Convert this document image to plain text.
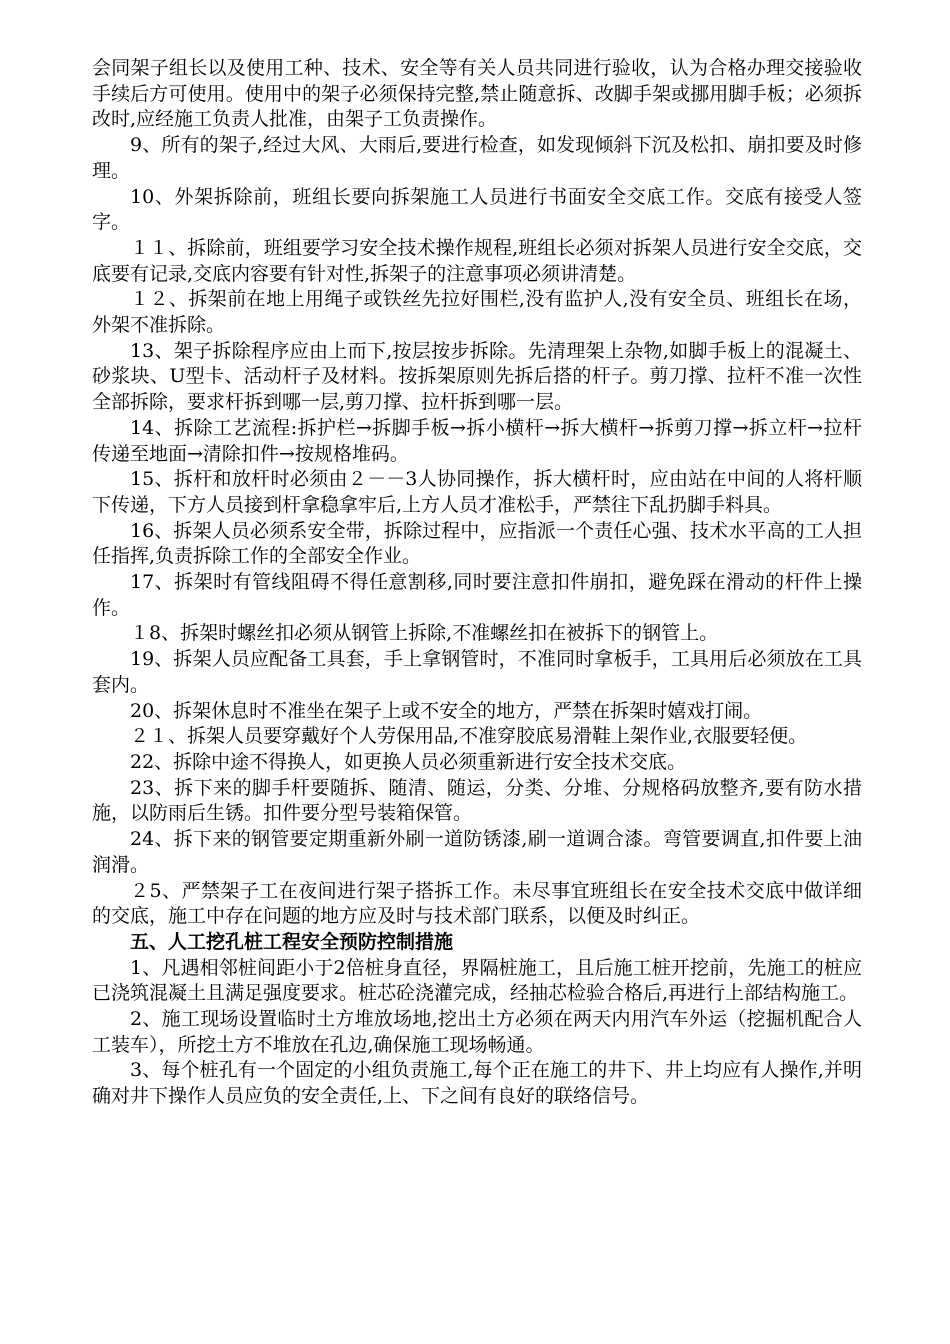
会同架子组长以及使用工种、技术、安全等有关人员共同进行验收，认为合格办理交接验收手续后方可使用。使用中的架子必须保持完整,禁止随意拆、改脚手架或挪用脚手板；必须拆改时,应经施工负责人批准，由架子工负责操作。

9、所有的架子,经过大风、大雨后,要进行检查，如发现倾斜下沉及松扣、崩扣要及时修理。

10、外架拆除前，班组长要向拆架施工人员进行书面安全交底工作。交底有接受人签字。

１１、拆除前，班组要学习安全技术操作规程,班组长必须对拆架人员进行安全交底，交底要有记录,交底内容要有针对性,拆架子的注意事项必须讲清楚。

１２、拆架前在地上用绳子或铁丝先拉好围栏,没有监护人,没有安全员、班组长在场，外架不准拆除。

13、架子拆除程序应由上而下,按层按步拆除。先清理架上杂物,如脚手板上的混凝土、砂浆块、U型卡、活动杆子及材料。按拆架原则先拆后搭的杆子。剪刀撑、拉杆不准一次性全部拆除，要求杆拆到哪一层,剪刀撑、拉杆拆到哪一层。

14、拆除工艺流程:拆护栏→拆脚手板→拆小横杆→拆大横杆→拆剪刀撑→拆立杆→拉杆传递至地面→清除扣件→按规格堆码。

15、拆杆和放杆时必须由２－－3人协同操作，拆大横杆时，应由站在中间的人将杆顺下传递，下方人员接到杆拿稳拿牢后,上方人员才准松手，严禁往下乱扔脚手料具。

16、拆架人员必须系安全带，拆除过程中，应指派一个责任心强、技术水平高的工人担任指挥,负责拆除工作的全部安全作业。

17、拆架时有管线阻碍不得任意割移,同时要注意扣件崩扣，避免踩在滑动的杆件上操作。

１8、拆架时螺丝扣必须从钢管上拆除,不准螺丝扣在被拆下的钢管上。

19、拆架人员应配备工具套，手上拿钢管时，不准同时拿板手，工具用后必须放在工具套内。

20、拆架休息时不准坐在架子上或不安全的地方，严禁在拆架时嬉戏打闹。

２１、拆架人员要穿戴好个人劳保用品,不准穿胶底易滑鞋上架作业,衣服要轻便。

22、拆除中途不得换人，如更换人员必须重新进行安全技术交底。

23、拆下来的脚手杆要随拆、随清、随运，分类、分堆、分规格码放整齐,要有防水措施，以防雨后生锈。扣件要分型号装箱保管。

24、拆下来的钢管要定期重新外刷一道防锈漆,刷一道调合漆。弯管要调直,扣件要上油润滑。

２5、严禁架子工在夜间进行架子搭拆工作。未尽事宜班组长在安全技术交底中做详细的交底，施工中存在问题的地方应及时与技术部门联系，以便及时纠正。

五、人工挖孔桩工程安全预防控制措施

1、凡遇相邻桩间距小于2倍桩身直径，界隔桩施工，且后施工桩开挖前，先施工的桩应已浇筑混凝土且满足强度要求。桩芯砼浇灌完成，经抽芯检验合格后,再进行上部结构施工。

2、施工现场设置临时土方堆放场地,挖出土方必须在两天内用汽车外运（挖掘机配合人工装车），所挖土方不堆放在孔边,确保施工现场畅通。

3、每个桩孔有一个固定的小组负责施工,每个正在施工的井下、井上均应有人操作,并明确对井下操作人员应负的安全责任,上、下之间有良好的联络信号。
